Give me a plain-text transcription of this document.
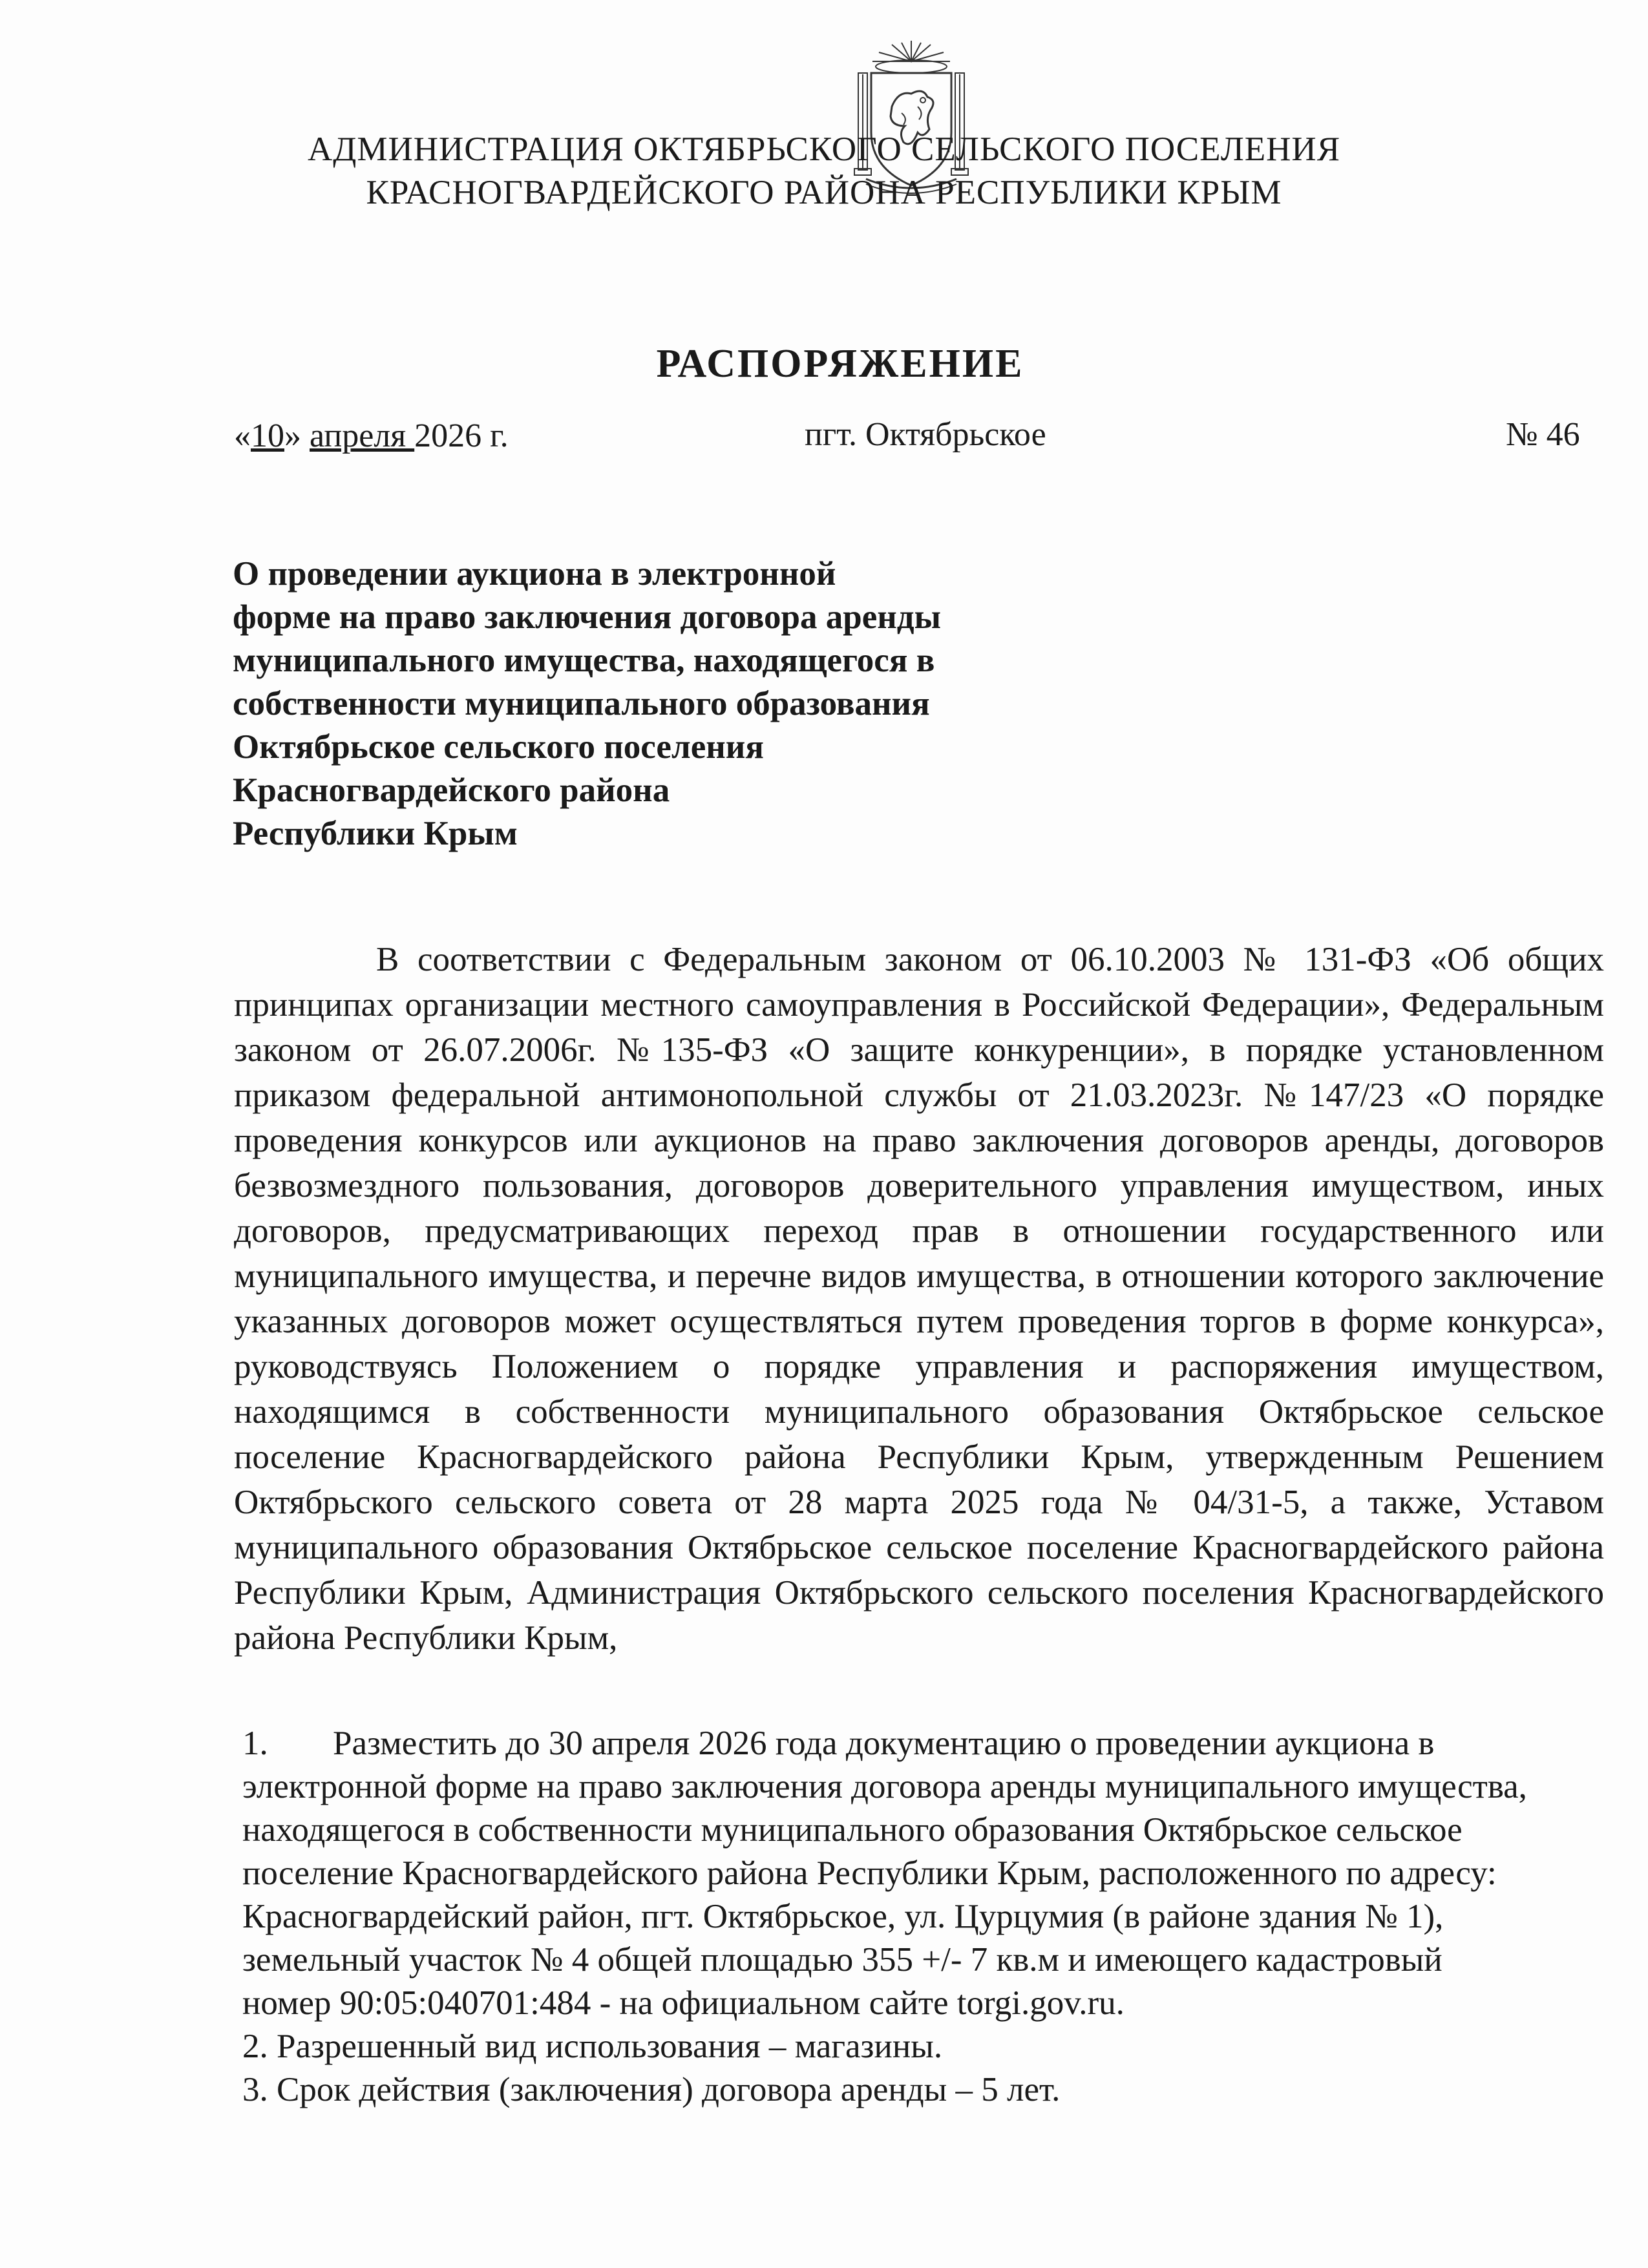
АДМИНИСТРАЦИЯ ОКТЯБРЬСКОГО СЕЛЬСКОГО ПОСЕЛЕНИЯ
КРАСНОГВАРДЕЙСКОГО РАЙОНА РЕСПУБЛИКИ КРЫМ
РАСПОРЯЖЕНИЕ
«10» апреля 2026 г.	пгт. Октябрьское	№ 46
О проведении аукциона в электронной
форме на право заключения договора аренды
муниципального имущества, находящегося в
собственности муниципального образования
Октябрьское сельского поселения
Красногвардейского района
Республики Крым
В соответствии с Федеральным законом от 06.10.2003 № 131-ФЗ «Об общих принципах организации местного самоуправления в Российской Федерации», Федеральным законом от 26.07.2006г. №135-ФЗ «О защите конкуренции», в порядке установленном приказом федеральной антимонопольной службы от 21.03.2023г. №147/23 «О порядке проведения конкурсов или аукционов на право заключения договоров аренды, договоров безвозмездного пользования, договоров доверительного управления имуществом, иных договоров, предусматривающих переход прав в отношении государственного или муниципального имущества, и перечне видов имущества, в отношении которого заключение указанных договоров может осуществляться путем проведения торгов в форме конкурса», руководствуясь Положением о порядке управления и распоряжения имуществом, находящимся в собственности муниципального образования Октябрьское сельское поселение Красногвардейского района Республики Крым, утвержденным Решением Октябрьского сельского совета от 28 марта 2025 года № 04/31-5, а также, Уставом муниципального образования Октябрьское сельское поселение Красногвардейского района Республики Крым, Администрация Октябрьского сельского поселения Красногвардейского района Республики Крым,

1. Разместить до 30 апреля 2026 года документацию о проведении аукциона в электронной форме на право заключения договора аренды муниципального имущества, находящегося в собственности муниципального образования Октябрьское сельское поселение Красногвардейского района Республики Крым, расположенного по адресу: Красногвардейский район, пгт. Октябрьское, ул. Цурцумия (в районе здания № 1), земельный участок № 4 общей площадью 355 +/- 7 кв.м и имеющего кадастровый номер 90:05:040701:484 - на официальном сайте torgi.gov.ru.

2. Разрешенный вид использования – магазины.

3. Срок действия (заключения) договора аренды – 5 лет.
